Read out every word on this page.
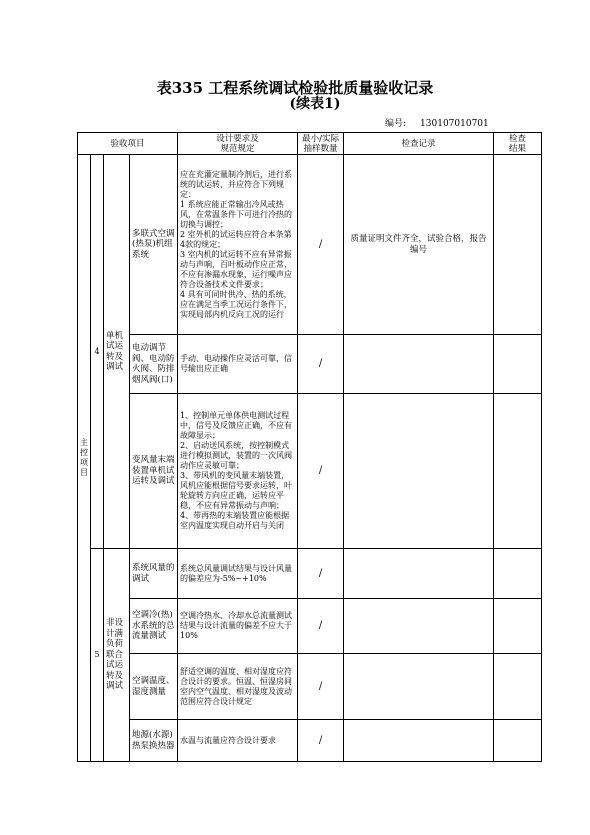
表335 工程系统调试检验批质量验收记录
(续表1)
编号: 130107010701
验收项目				设计要求及
规范规定	最小/实际
抽样数量	检查记录	检查
结果

主控项目	4	单机试运转及调试	多联式空调(热泵)机组系统	应在充灌定量制冷剂后，进行系统的试运转，并应符合下列规定：
1 系统应能正常输出冷风或热风，在常温条件下可进行冷热的切换与调控；
2 室外机的试运转应符合本条第4款的规定；
3 室内机的试运转不应有异常振动与声响，百叶板动作应正常，不应有渗漏水现象，运行噪声应符合设备技术文件要求；
4 具有可同时供冷、热的系统，应在满足当季工况运行条件下，实现局部内机反向工况的运行	/	质量证明文件齐全，试验合格，报告编号	
			电动调节阀、电动防火阀、防排烟风阀(口)	手动、电动操作应灵活可靠，信号输出应正确	/		
			变风量末端装置单机试运转及调试	1、控制单元单体供电测试过程中，信号及反馈应正确，不应有故障显示；
2、启动送风系统，按控制模式进行模拟测试，装置的一次风阀动作应灵敏可靠；
3、带风机的变风量末端装置，风机应能根据信号要求运转，叶轮旋转方向应正确，运转应平稳，不应有异常振动与声响；
4、带再热的末端装置应能根据室内温度实现自动开启与关闭	/		
	5	非设计满负荷联合试运转及调试	系统风量的调试	系统总风量调试结果与设计风量的偏差应为-5%~+10%	/		
			空调冷(热)水系统的总流量测试	空调冷热水、冷却水总流量测试结果与设计流量的偏差不应大于10%	/		
			空调温度、湿度测量	舒适空调的温度、相对湿度应符合设计的要求。恒温、恒湿房间室内空气温度、相对湿度及波动范围应符合设计规定	/		
			地源(水源)热泵换热器	水温与流量应符合设计要求	/		
